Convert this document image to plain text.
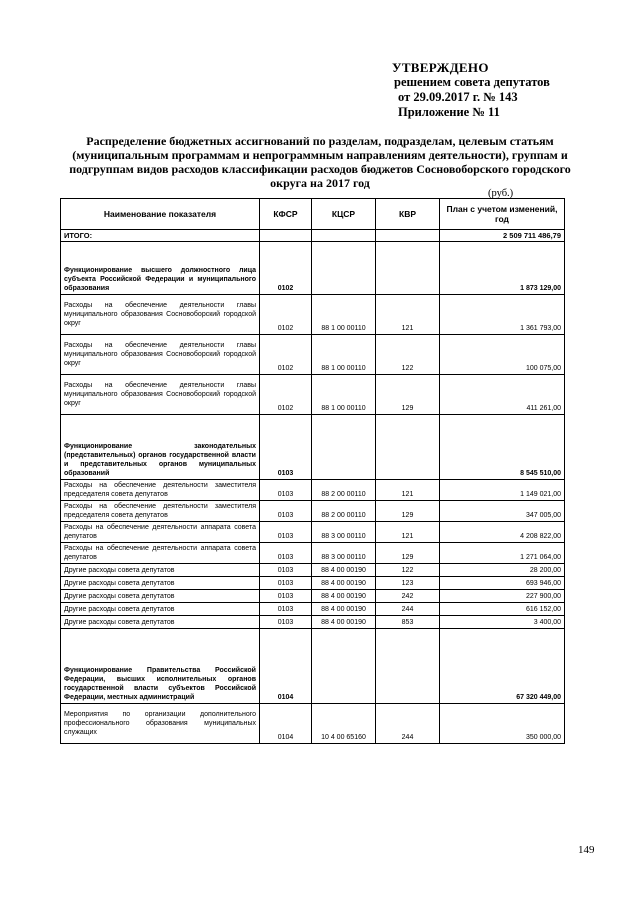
УТВЕРЖДЕНО
решением совета депутатов
от 29.09.2017 г. № 143
Приложение № 11
Распределение бюджетных ассигнований по разделам, подразделам, целевым статьям (муниципальным программам и непрограммным направлениям деятельности), группам и подгруппам видов расходов классификации расходов бюджетов Сосновоборского городского округа на 2017 год
(руб.)
Наименование показателя	КФСР	КЦСР	КВР	План с учетом изменений, год
ИТОГО:				2 509 711 486,79
Функционирование высшего должностного лица субъекта Российской Федерации и муниципального образования	0102			1 873 129,00
Расходы на обеспечение деятельности главы муниципального образования Сосновоборский городской округ	0102	88 1 00 00110	121	1 361 793,00
Расходы на обеспечение деятельности главы муниципального образования Сосновоборский городской округ	0102	88 1 00 00110	122	100 075,00
Расходы на обеспечение деятельности главы муниципального образования Сосновоборский городской округ	0102	88 1 00 00110	129	411 261,00
Функционирование законодательных (представительных) органов государственной власти и представительных органов муниципальных образований	0103			8 545 510,00
Расходы на обеспечение деятельности заместителя председателя совета депутатов	0103	88 2 00 00110	121	1 149 021,00
Расходы на обеспечение деятельности заместителя председателя совета депутатов	0103	88 2 00 00110	129	347 005,00
Расходы на обеспечение деятельности аппарата совета депутатов	0103	88 3 00 00110	121	4 208 822,00
Расходы на обеспечение деятельности аппарата совета депутатов	0103	88 3 00 00110	129	1 271 064,00
Другие расходы совета депутатов	0103	88 4 00 00190	122	28 200,00
Другие расходы совета депутатов	0103	88 4 00 00190	123	693 946,00
Другие расходы совета депутатов	0103	88 4 00 00190	242	227 900,00
Другие расходы совета депутатов	0103	88 4 00 00190	244	616 152,00
Другие расходы совета депутатов	0103	88 4 00 00190	853	3 400,00
Функционирование Правительства Российской Федерации, высших исполнительных органов государственной власти субъектов Российской Федерации, местных администраций	0104			67 320 449,00
Мероприятия по организации дополнительного профессионального образования муниципальных служащих	0104	10 4 00 65160	244	350 000,00
149
